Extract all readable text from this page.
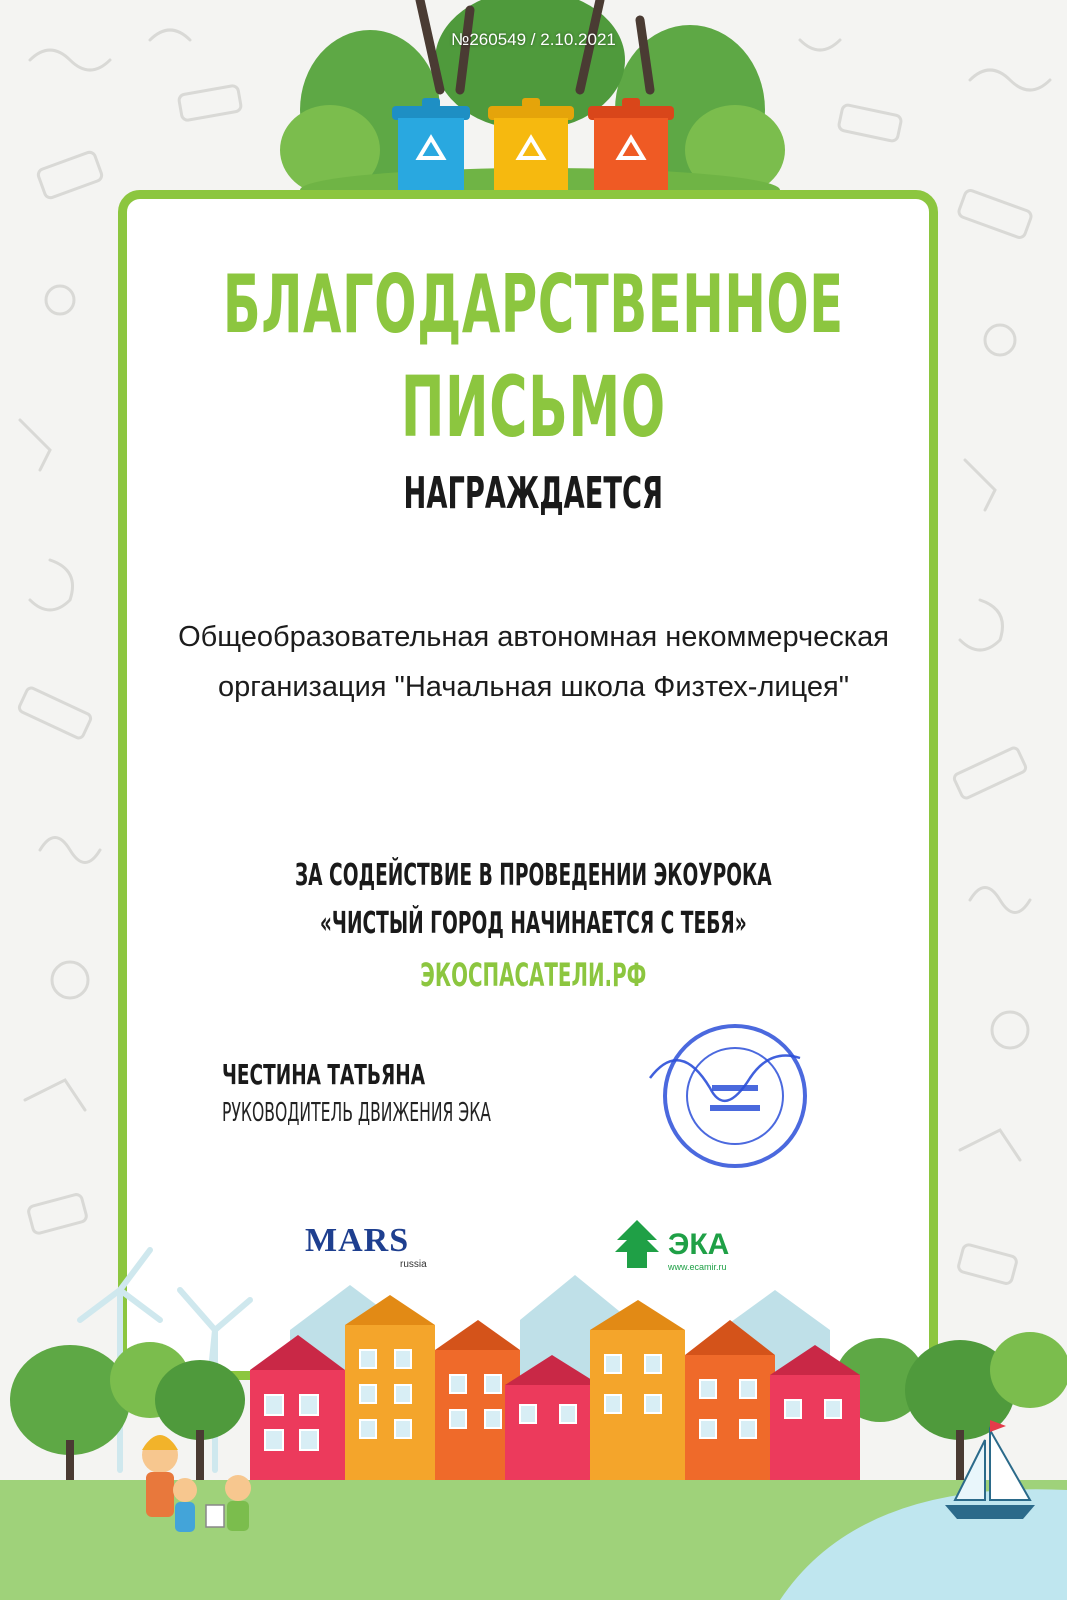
№260549 / 2.10.2021
БЛАГОДАРСТВЕННОЕ
ПИСЬМО
НАГРАЖДАЕТСЯ
Общеобразовательная автономная некоммерческая организация "Начальная школа Физтех-лицея"
ЗА СОДЕЙСТВИЕ В ПРОВЕДЕНИИ ЭКОУРОКА
«ЧИСТЫЙ ГОРОД НАЧИНАЕТСЯ С ТЕБЯ»
ЭКОСПАСАТЕЛИ.РФ
ЧЕСТИНА ТАТЬЯНА
РУКОВОДИТЕЛЬ ДВИЖЕНИЯ ЭКА
MARS
russia
ЭКА
www.ecamir.ru
